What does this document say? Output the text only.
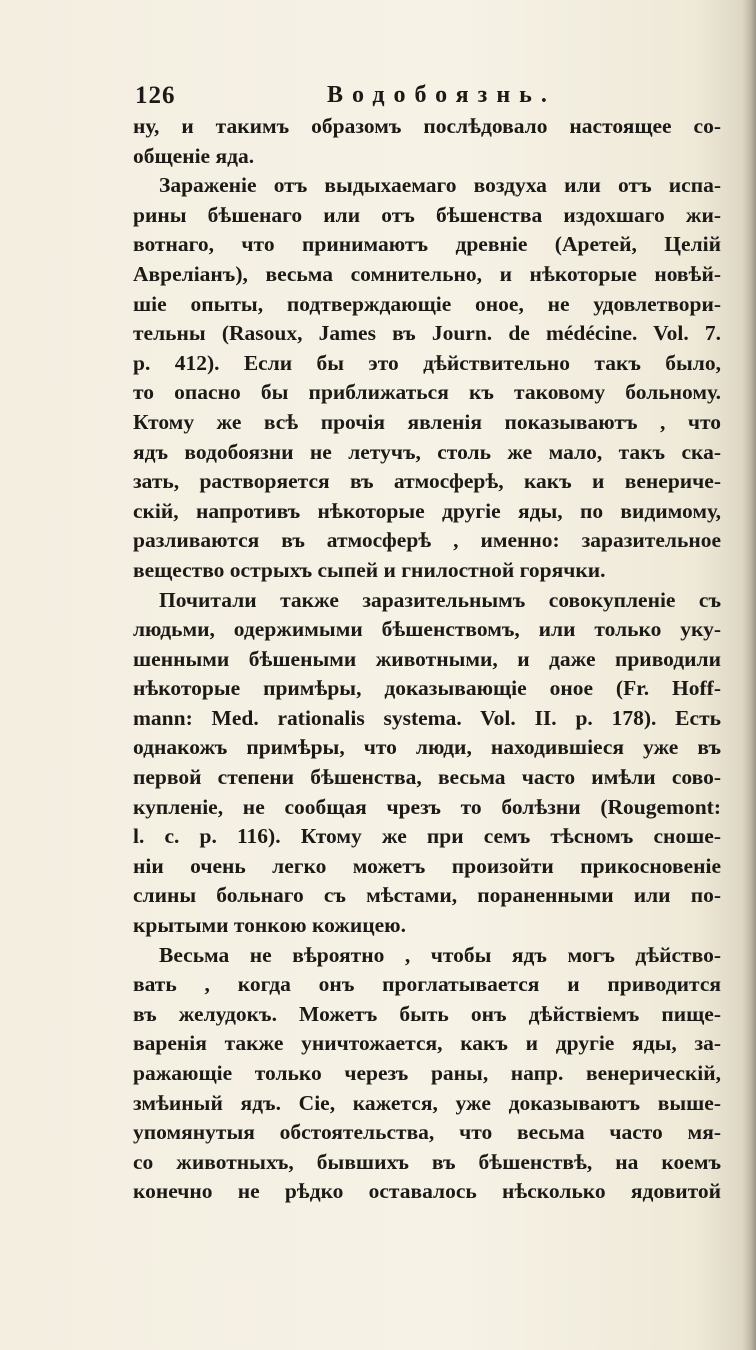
126	Водобоязнь.

ну, и такимъ образомъ послѣдовало настоящее со-
общенiе яда.

Зараженiе отъ выдыхаемаго воздуха или отъ испа-
рины бѣшенаго или отъ бѣшенства издохшаго жи-
вотнаго, что принимаютъ древнiе (Аретей, Целiй
Аврелiанъ), весьма сомнительно, и нѣкоторые новѣй-
шiе опыты, подтверждающiе оное, не удовлетвори-
тельны (Rasoux, James въ Journ. de médécine. Vol. 7.
p. 412). Если бы это дѣйствительно такъ было,
то опасно бы приближаться къ таковому больному.
Ктому же всѣ прочiя явленiя показываютъ , что
ядъ водобоязни не летучъ, столь же мало, такъ ска-
зать, растворяется въ атмосферѣ, какъ и венериче-
скiй, напротивъ нѣкоторые другiе яды, по видимому,
разливаются въ атмосферѣ , именно: заразительное
вещество острыхъ сыпей и гнилостной горячки.

Почитали также заразительнымъ совокупленiе съ
людьми, одержимыми бѣшенствомъ, или только уку-
шенными бѣшеными животными, и даже приводили
нѣкоторые примѣры, доказывающiе оное (Fr. Hoff-
mann: Med. rationalis systema. Vol. II. p. 178). Есть
однакожъ примѣры, что люди, находившiеся уже въ
первой степени бѣшенства, весьма часто имѣли сово-
купленiе, не сообщая чрезъ то болѣзни (Rougemont:
l. c. p. 116). Ктому же при семъ тѣсномъ сноше-
нiи очень легко можетъ произойти прикосновенiе
слины больнаго съ мѣстами, пораненными или по-
крытыми тонкою кожицею.

Весьма не вѣроятно , чтобы ядъ могъ дѣйство-
вать , когда онъ проглатывается и приводится
въ желудокъ. Можетъ быть онъ дѣйствiемъ пище-
варенiя также уничтожается, какъ и другiе яды, за-
ражающiе только черезъ раны, напр. венерическiй,
змѣиный ядъ. Сiе, кажется, уже доказываютъ выше-
упомянутыя обстоятельства, что весьма часто мя-
со животныхъ, бывшихъ въ бѣшенствѣ, на коемъ
конечно не рѣдко оставалось нѣсколько ядовитой
